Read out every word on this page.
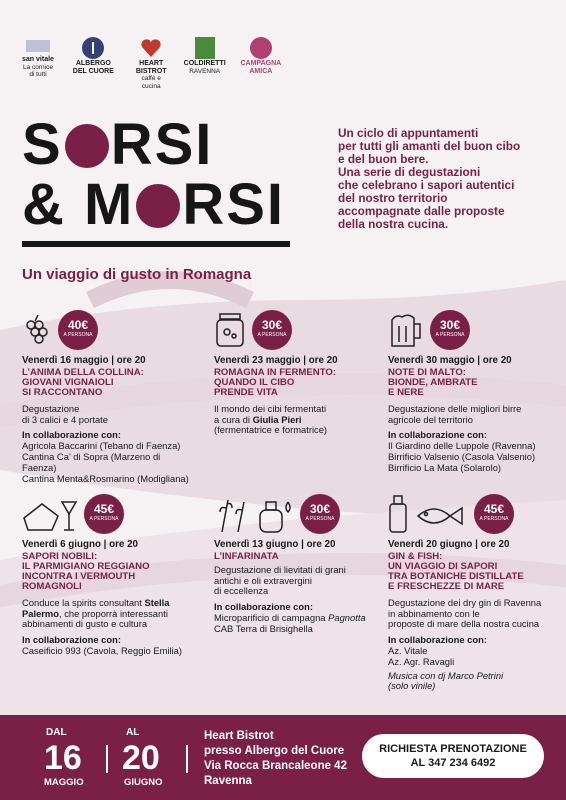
san vitale
La cornice di tutti
ALBERGO DEL CUORE
HEART BISTROT
caffè e cucina
COLDIRETTI
RAVENNA
CAMPAGNA AMICA
S RSI
& M RSI

Un ciclo di appuntamenti

per tutti gli amanti del buon cibo

e del buon bere.

Una serie di degustazioni

che celebrano i sapori autentici

del nostro territorio

accompagnate dalle proposte

della nostra cucina.

Un viaggio di gusto in Romagna
40€
A PERSONA
Venerdì 16 maggio | ore 20
L’ANIMA DELLA COLLINA:
GIOVANI VIGNAIOLI
SI RACCONTANO
Degustazione
di 3 calici e 4 portate
In collaborazione con:
Agricola Baccarini (Tebano di Faenza)
Cantina Ca’ di Sopra (Marzeno di Faenza)
Cantina Menta&Rosmarino (Modigliana)
30€
A PERSONA
Venerdì 23 maggio | ore 20
ROMAGNA IN FERMENTO:
QUANDO IL CIBO
PRENDE VITA
Il mondo dei cibi fermentati
a cura di Giulia Pieri
(fermentatrice e formatrice)
30€
A PERSONA
Venerdì 30 maggio | ore 20
NOTE DI MALTO:
BIONDE, AMBRATE
E NERE
Degustazione delle migliori birre
agricole del territorio
In collaborazione con:
Il Giardino delle Luppole (Ravenna)
Birrificio Valsenio (Casola Valsenio)
Birrificio La Mata (Solarolo)
45€
A PERSONA
Venerdì 6 giugno | ore 20
SAPORI NOBILI:
IL PARMIGIANO REGGIANO
INCONTRA I VERMOUTH
ROMAGNOLI
Conduce la spirits consultant Stella Palermo, che proporrà interessanti abbinamenti di gusto e cultura
In collaborazione con:
Caseificio 993 (Cavola, Reggio Emilia)
30€
A PERSONA
Venerdì 13 giugno | ore 20
L’INFARINATA
Degustazione di lievitati di grani
antichi e oli extravergini
di eccellenza
In collaborazione con:
Microparificio di campagna Pagnotta
CAB Terra di Brisighella
45€
A PERSONA
Venerdì 20 giugno | ore 20
GIN & FISH:
UN VIAGGIO DI SAPORI
TRA BOTANICHE DISTILLATE
E FRESCHEZZE DI MARE
Degustazione dei dry gin di Ravenna
in abbinamento con le
proposte di mare della nostra cucina
In collaborazione con:
Az. Vitale
Az. Agr. Ravagli
Musica con dj Marco Petrini
(solo vinile)
DAL
16
MAGGIO
AL
20
GIUGNO
Heart Bistrot
presso Albergo del Cuore
Via Rocca Brancaleone 42
Ravenna
RICHIESTA PRENOTAZIONE
AL 347 234 6492
